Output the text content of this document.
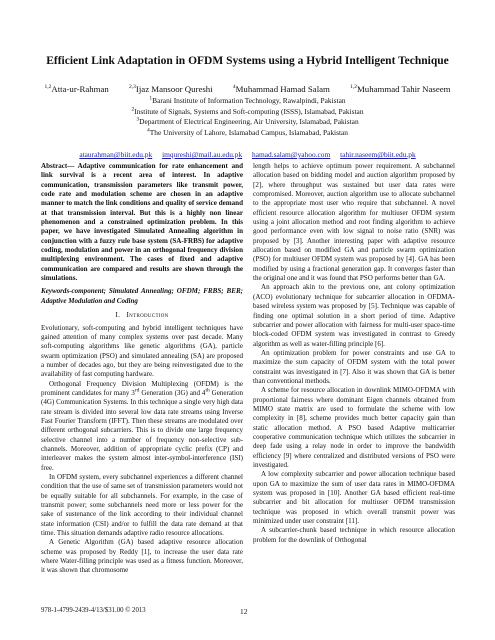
Efficient Link Adaptation in OFDM Systems using a Hybrid Intelligent Technique
$^{1,2}$Atta-ur-Rahman	$^{2,3}$Ijaz Mansoor Qureshi	$^4$Muhammad Hamad Salam	$^{1,2}$Muhammad Tahir Naseem
$^1$Barani Institute of Information Technology, Rawalpindi, Pakistan
$^2$Institute of Signals, Systems and Soft-computing (ISSS), Islamabad, Pakistan
$^3$Department of Electrical Engineering, Air University, Islamabad, Pakistan
$^4$The University of Lahore, Islamabad Campus, Islamabad, Pakistan
ataurahman@biit.edu.pk imqureshi@mail.au.edu.pk hamad.salam@yahoo.com tahir.naseem@biit.edu.pk

Abstract— Adaptive communication for rate enhancement and link survival is a recent area of interest. In adaptive communication, transmission parameters like transmit power, code rate and modulation scheme are chosen in an adaptive manner to match the link conditions and quality of service demand at that transmission interval. But this is a highly non linear phenomenon and a constrained optimization problem. In this paper, we have investigated Simulated Annealing algorithm in conjunction with a fuzzy rule base system (SA-FRBS) for adaptive coding, modulation and power in an orthogonal frequency division multiplexing environment. The cases of fixed and adaptive communication are compared and results are shown through the simulations.

Keywords-component; Simulated Annealing; OFDM; FRBS; BER; Adaptive Modulation and Coding

I. Introduction

Evolutionary, soft-computing and hybrid intelligent techniques have gained attention of many complex systems over past decade. Many soft-computing algorithms like genetic algorithms (GA), particle swarm optimization (PSO) and simulated annealing (SA) are proposed a number of decades ago, but they are being reinvestigated due to the availability of fast computing hardware.

Orthogonal Frequency Division Multiplexing (OFDM) is the prominent candidates for many 3rd Generation (3G) and 4th Generation (4G) Communication Systems. In this technique a single very high data rate stream is divided into several low data rate streams using Inverse Fast Fourier Transform (IFFT). Then these streams are modulated over different orthogonal subcarriers. This is to divide one large frequency selective channel into a number of frequency non-selective sub-channels. Moreover, addition of appropriate cyclic prefix (CP) and interleaver makes the system almost inter-symbol-interference (ISI) free.

In OFDM system, every subchannel experiences a different channel condition that the use of same set of transmission parameters would not be equally suitable for all subchannels. For example, in the case of transmit power; some subchannels need more or less power for the sake of sustenance of the link according to their individual channel state information (CSI) and/or to fulfill the data rate demand at that time. This situation demands adaptive radio resource allocations.

A Genetic Algorithm (GA) based adaptive resource allocation scheme was proposed by Reddy [1], to increase the user data rate where Water-filling principle was used as a fitness function. Moreover, it was shown that chromosome

length helps to achieve optimum power requirement. A subchannel allocation based on bidding model and auction algorithm proposed by [2], where throughput was sustained but user data rates were compromised. Moreover, auction algorithm use to allocate subchannel to the appropriate most user who require that subchannel. A novel efficient resource allocation algorithm for multiuser OFDM system using a joint allocation method and root finding algorithm to achieve good performance even with low signal to noise ratio (SNR) was proposed by [3]. Another interesting paper with adaptive resource allocation based on modified GA and particle swarm optimization (PSO) for multiuser OFDM system was proposed by [4]. GA has been modified by using a fractional generation gap. It converges faster than the original one and it was found that PSO performs better than GA.

An approach akin to the previous one, ant colony optimization (ACO) evolutionary technique for subcarrier allocation in OFDMA-based wireless system was proposed by [5]. Technique was capable of finding one optimal solution in a short period of time. Adaptive subcarrier and power allocation with fairness for multi-user space-time block-coded OFDM system was investigated in contrast to Greedy algorithm as well as water-filling principle [6].

An optimization problem for power constraints and use GA to maximize the sum capacity of OFDM system with the total power constraint was investigated in [7]. Also it was shown that GA is better than conventional methods.

A scheme for resource allocation in downlink MIMO-OFDMA with proportional fairness where dominant Eigen channels obtained from MIMO state matrix are used to formulate the scheme with low complexity in [8], scheme provides much better capacity gain than static allocation method. A PSO based Adaptive multicarrier cooperative communication technique which utilizes the subcarrier in deep fade using a relay node in order to improve the bandwidth efficiency [9] where centralized and distributed versions of PSO were investigated.

A low complexity subcarrier and power allocation technique based upon GA to maximize the sum of user data rates in MIMO-OFDMA system was proposed in [10]. Another GA based efficient real-time subcarrier and bit allocation for multiuser OFDM transmission technique was proposed in which overall transmit power was minimized under user constraint [11].

A subcarrier-chunk based technique in which resource allocation problem for the downlink of Orthogonal

978-1-4799-2439-4/13/$31.00 © 2013	12
